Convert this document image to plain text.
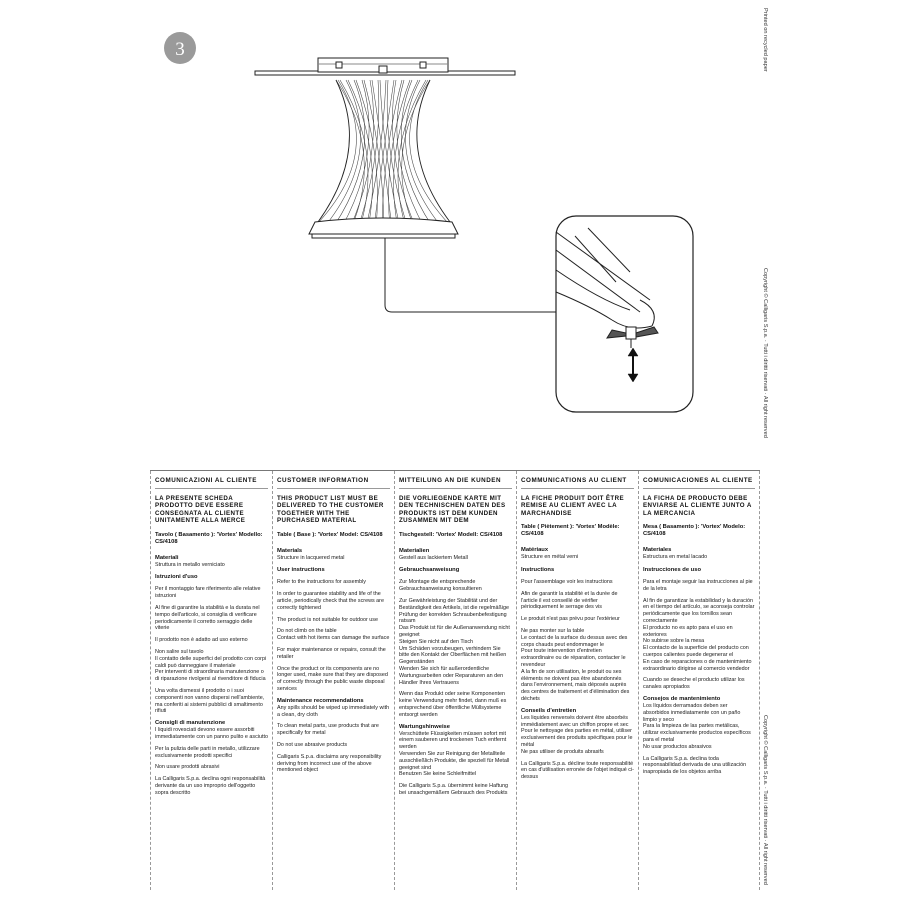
3	Printed on recycled paper
Copyright © Calligaris S.p.a. · Tutti i diritti riservati · All right reserved
Copyright © Calligaris S.p.a. · Tutti i diritti riservati · All right reserved
COMUNICAZIONI AL CLIENTE
LA PRESENTE SCHEDA PRODOTTO DEVE ESSERE CONSEGNATA AL CLIENTE UNITAMENTE ALLA MERCE
Tavolo ( Basamento ): 'Vortex' Modello: CS/4108
Materiali
Struttura in metallo verniciato
Istruzioni d'uso
Per il montaggio fare riferimento alle relative istruzioni
Al fine di garantire la stabilità e la durata nel tempo dell'articolo, si consiglia di verificare periodicamente il corretto serraggio delle viterie
Il prodotto non è adatto ad uso esterno
Non salire sul tavolo
Il contatto delle superfici del prodotto con corpi caldi può danneggiare il materiale
Per interventi di straordinaria manutenzione o di riparazione rivolgersi al rivenditore di fiducia
Una volta dismessi il prodotto o i suoi componenti non vanno dispersi nell'ambiente, ma conferiti ai sistemi pubblici di smaltimento rifiuti
Consigli di manutenzione
I liquidi rovesciati devono essere assorbiti immediatamente con un panno pulito e asciutto
Per la pulizia delle parti in metallo, utilizzare esclusivamente prodotti specifici
Non usare prodotti abrasivi
La Calligaris S.p.a. declina ogni responsabilità derivante da un uso improprio dell'oggetto sopra descritto
CUSTOMER INFORMATION
THIS PRODUCT LIST MUST BE DELIVERED TO THE CUSTOMER TOGETHER WITH THE PURCHASED MATERIAL
Table ( Base ): 'Vortex' Model: CS/4108
Materials
Structure in lacquered metal
User instructions
Refer to the instructions for assembly
In order to guarantee stability and life of the article, periodically check that the screws are correctly tightened
The product is not suitable for outdoor use
Do not climb on the table
Contact with hot items can damage the surface
For major maintenance or repairs, consult the retailer
Once the product or its components are no longer used, make sure that they are disposed of correctly through the public waste disposal services
Maintenance recommendations
Any spills should be wiped up immediately with a clean, dry cloth
To clean metal parts, use products that are specifically for metal
Do not use abrasive products
Calligaris S.p.a. disclaims any responsibility deriving from incorrect use of the above mentioned object
MITTEILUNG AN DIE KUNDEN
DIE VORLIEGENDE KARTE MIT DEN TECHNISCHEN DATEN DES PRODUKTS IST DEM KUNDEN ZUSAMMEN MIT DEM
Tischgestell: 'Vortex' Modell: CS/4108
Materialien
Gestell aus lackiertem Metall
Gebrauchsanweisung
Zur Montage die entsprechende Gebrauchsanweisung konsultieren
Zur Gewährleistung der Stabilität und der Beständigkeit des Artikels, ist die regelmäßige Prüfung der korrekten Schraubenbefestigung ratsam
Das Produkt ist für die Außenanwendung nicht geeignet
Steigen Sie nicht auf den Tisch
Um Schäden vorzubeugen, verhindern Sie bitte den Kontakt der Oberflächen mit heißen Gegenständen
Wenden Sie sich für außerordentliche Wartungsarbeiten oder Reparaturen an den Händler Ihres Vertrauens
Wenn das Produkt oder seine Komponenten keine Verwendung mehr findet, dann muß es entsprechend über öffentliche Müllsysteme entsorgt werden
Wartungshinweise
Verschüttete Flüssigkeiten müssen sofort mit einem sauberen und trockenen Tuch entfernt werden
Verwenden Sie zur Reinigung der Metallteile ausschließlich Produkte, die speziell für Metall geeignet sind
Benutzen Sie keine Schleifmittel
Die Calligaris S.p.a. übernimmt keine Haftung bei unsachgemäßem Gebrauch des Produkts
COMMUNICATIONS AU CLIENT
LA FICHE PRODUIT DOIT ÊTRE REMISE AU CLIENT AVEC LA MARCHANDISE
Table ( Piètement ): 'Vortex' Modèle: CS/4108
Matériaux
Structure en métal verni
Instructions
Pour l'assemblage voir les instructions
Afin de garantir la stabilité et la durée de l'article il est conseillé de vérifier périodiquement le serrage des vis
Le produit n'est pas prévu pour l'extérieur
Ne pas monter sur la table
Le contact de la surface du dessus avec des corps chauds peut endommager le
Pour toute intervention d'entretien extraordinaire ou de réparation, contacter le revendeur
A la fin de son utilisation, le produit ou ses éléments ne doivent pas être abandonnés dans l'environnement, mais déposés auprès des centres de traitement et d'élimination des déchets
Conseils d'entretien
Les liquides renversés doivent être absorbés immédiatement avec un chiffon propre et sec
Pour le nettoyage des parties en métal, utiliser exclusivement des produits spécifiques pour le métal
Ne pas utiliser de produits abrasifs
La Calligaris S.p.a. décline toute responsabilité en cas d'utilisation erronée de l'objet indiqué ci-dessus
COMUNICACIONES AL CLIENTE
LA FICHA DE PRODUCTO DEBE ENVIARSE AL CLIENTE JUNTO A LA MERCANCIA
Mesa ( Basamento ): 'Vortex' Modelo: CS/4108
Materiales
Estructura en metal lacado
Instrucciones de uso
Para el montaje seguir las instrucciones al pie de la letra
Al fin de garantizar la estabilidad y la duración en el tiempo del artículo, se aconseja controlar periódicamente que los tornillos sean correctamente
El producto no es apto para el uso en exteriores
No subirse sobre la mesa
El contacto de la superficie del producto con cuerpos calientes puede degenerar el
En caso de reparaciones o de mantenimiento extraordinario dirigirse al comercio vendedor
Cuando se deseche el producto utilizar los canales apropiados
Consejos de mantenimiento
Los líquidos derramados deben ser absorbidos inmediatamente con un paño limpio y seco
Para la limpieza de las partes metálicas, utilizar exclusivamente productos específicos para el metal
No usar productos abrasivos
La Calligaris S.p.a. declina toda responsabilidad derivada de una utilización inapropiada de los objetos arriba
